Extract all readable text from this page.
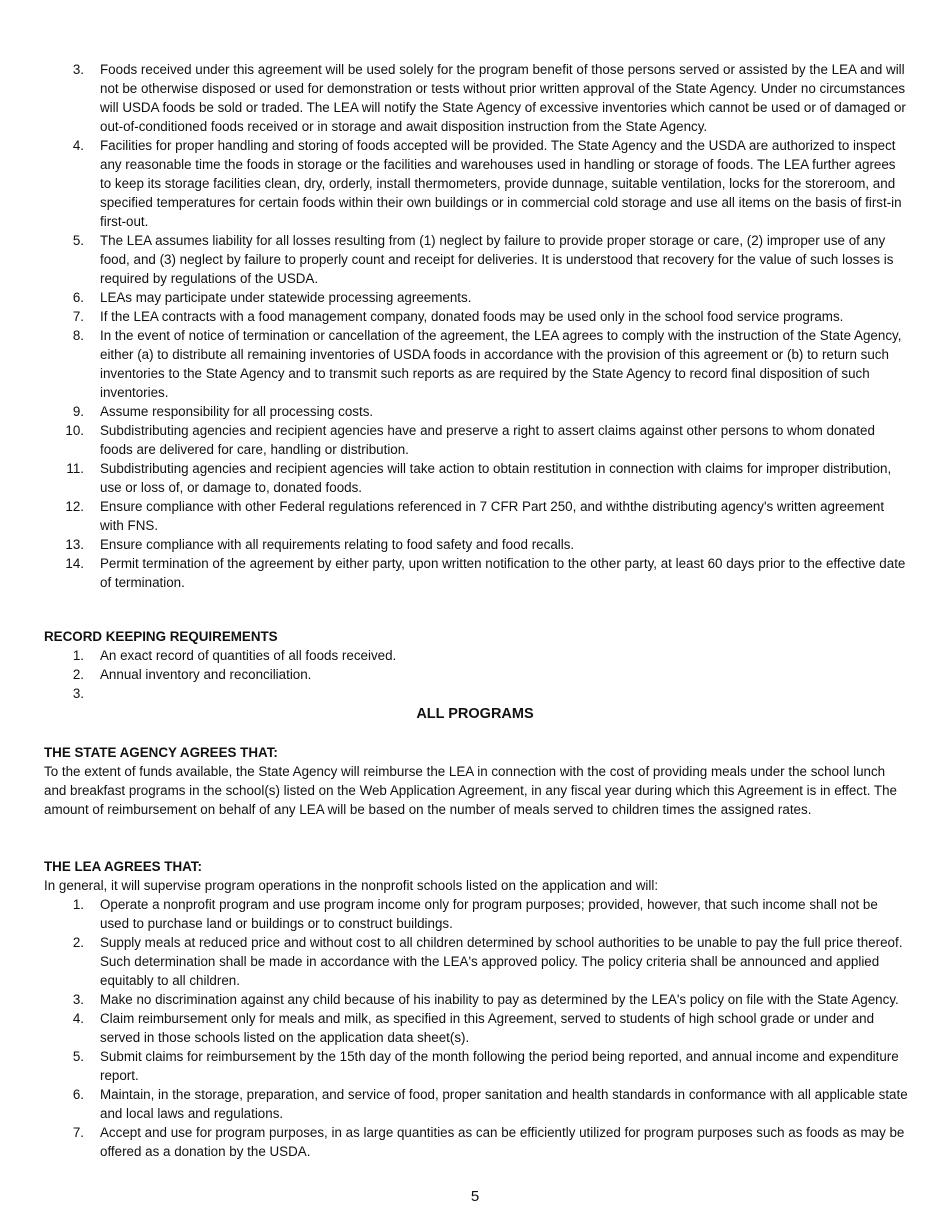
3. Foods received under this agreement will be used solely for the program benefit of those persons served or assisted by the LEA and will not be otherwise disposed or used for demonstration or tests without prior written approval of the State Agency. Under no circumstances will USDA foods be sold or traded. The LEA will notify the State Agency of excessive inventories which cannot be used or of damaged or out-of-conditioned foods received or in storage and await disposition instruction from the State Agency.
4. Facilities for proper handling and storing of foods accepted will be provided. The State Agency and the USDA are authorized to inspect any reasonable time the foods in storage or the facilities and warehouses used in handling or storage of foods. The LEA further agrees to keep its storage facilities clean, dry, orderly, install thermometers, provide dunnage, suitable ventilation, locks for the storeroom, and specified temperatures for certain foods within their own buildings or in commercial cold storage and use all items on the basis of first-in first-out.
5. The LEA assumes liability for all losses resulting from (1) neglect by failure to provide proper storage or care, (2) improper use of any food, and (3) neglect by failure to properly count and receipt for deliveries. It is understood that recovery for the value of such losses is required by regulations of the USDA.
6. LEAs may participate under statewide processing agreements.
7. If the LEA contracts with a food management company, donated foods may be used only in the school food service programs.
8. In the event of notice of termination or cancellation of the agreement, the LEA agrees to comply with the instruction of the State Agency, either (a) to distribute all remaining inventories of USDA foods in accordance with the provision of this agreement or (b) to return such inventories to the State Agency and to transmit such reports as are required by the State Agency to record final disposition of such inventories.
9. Assume responsibility for all processing costs.
10. Subdistributing agencies and recipient agencies have and preserve a right to assert claims against other persons to whom donated foods are delivered for care, handling or distribution.
11. Subdistributing agencies and recipient agencies will take action to obtain restitution in connection with claims for improper distribution, use or loss of, or damage to, donated foods.
12. Ensure compliance with other Federal regulations referenced in 7 CFR Part 250, and withthe distributing agency's written agreement with FNS.
13. Ensure compliance with all requirements relating to food safety and food recalls.
14. Permit termination of the agreement by either party, upon written notification to the other party, at least 60 days prior to the effective date of termination.
RECORD KEEPING REQUIREMENTS
1. An exact record of quantities of all foods received.
2. Annual inventory and reconciliation.
3.
ALL PROGRAMS
THE STATE AGENCY AGREES THAT:
To the extent of funds available, the State Agency will reimburse the LEA in connection with the cost of providing meals under the school lunch and breakfast programs in the school(s) listed on the Web Application Agreement, in any fiscal year during which this Agreement is in effect. The amount of reimbursement on behalf of any LEA will be based on the number of meals served to children times the assigned rates.
THE LEA AGREES THAT:
In general, it will supervise program operations in the nonprofit schools listed on the application and will:
1. Operate a nonprofit program and use program income only for program purposes; provided, however, that such income shall not be used to purchase land or buildings or to construct buildings.
2. Supply meals at reduced price and without cost to all children determined by school authorities to be unable to pay the full price thereof. Such determination shall be made in accordance with the LEA's approved policy. The policy criteria shall be announced and applied equitably to all children.
3. Make no discrimination against any child because of his inability to pay as determined by the LEA's policy on file with the State Agency.
4. Claim reimbursement only for meals and milk, as specified in this Agreement, served to students of high school grade or under and served in those schools listed on the application data sheet(s).
5. Submit claims for reimbursement by the 15th day of the month following the period being reported, and annual income and expenditure report.
6. Maintain, in the storage, preparation, and service of food, proper sanitation and health standards in conformance with all applicable state and local laws and regulations.
7. Accept and use for program purposes, in as large quantities as can be efficiently utilized for program purposes such as foods as may be offered as a donation by the USDA.
5
